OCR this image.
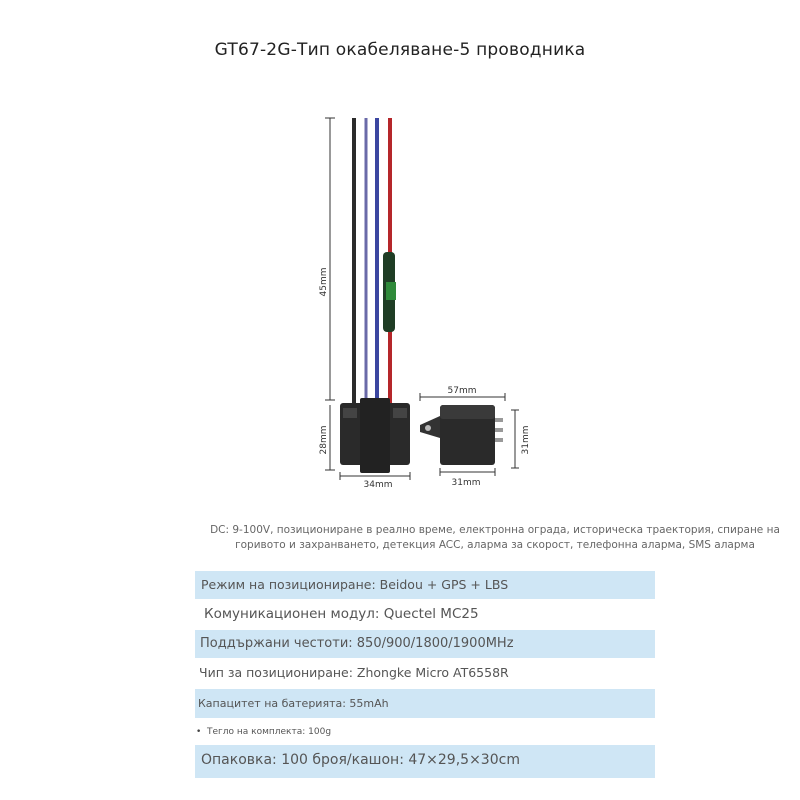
GT67-2G-Тип окабеляване-5 проводника
45mm
28mm
34mm
57mm
31mm
31mm
DC: 9-100V, позициониране в реално време, електронна ограда, историческа траектория, спиране на горивото и захранването, детекция ACC, аларма за скорост, телефонна аларма, SMS аларма
Режим на позициониране: Beidou + GPS + LBS
Комуникационен модул: Quectel MC25
Поддържани честоти: 850/900/1800/1900MHz
Чип за позициониране: Zhongke Micro AT6558R
Капацитет на батерията: 55mAh
• Тегло на комплекта: 100g
Опаковка: 100 броя/кашон: 47×29,5×30cm
